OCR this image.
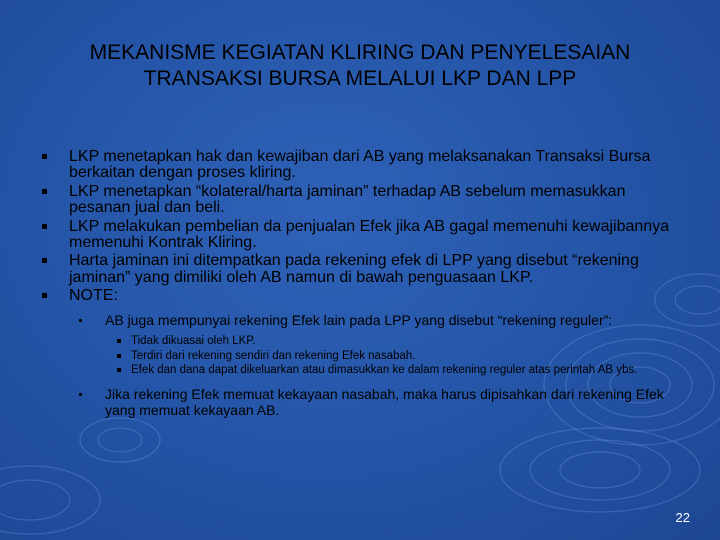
MEKANISME KEGIATAN KLIRING DAN PENYELESAIAN
TRANSAKSI BURSA MELALUI LKP DAN LPP
LKP menetapkan hak dan kewajiban dari AB yang melaksanakan Transaksi Bursa berkaitan dengan proses kliring.
LKP menetapkan “kolateral/harta jaminan” terhadap AB sebelum memasukkan pesanan jual dan beli.
LKP melakukan pembelian da penjualan Efek jika AB gagal memenuhi kewajibannya memenuhi Kontrak Kliring.
Harta jaminan ini ditempatkan pada rekening efek di LPP yang disebut “rekening jaminan” yang dimiliki oleh AB namun di bawah penguasaan LKP.
NOTE:
AB juga mempunyai rekening Efek lain pada LPP yang disebut “rekening reguler”:
Tidak dikuasai oleh LKP.
Terdiri dari rekening sendiri dan rekening Efek nasabah.
Efek dan dana dapat dikeluarkan atau dimasukkan ke dalam rekening reguler atas perintah AB ybs.
Jika rekening Efek memuat kekayaan nasabah, maka harus dipisahkan dari rekening Efek yang memuat kekayaan AB.
22
